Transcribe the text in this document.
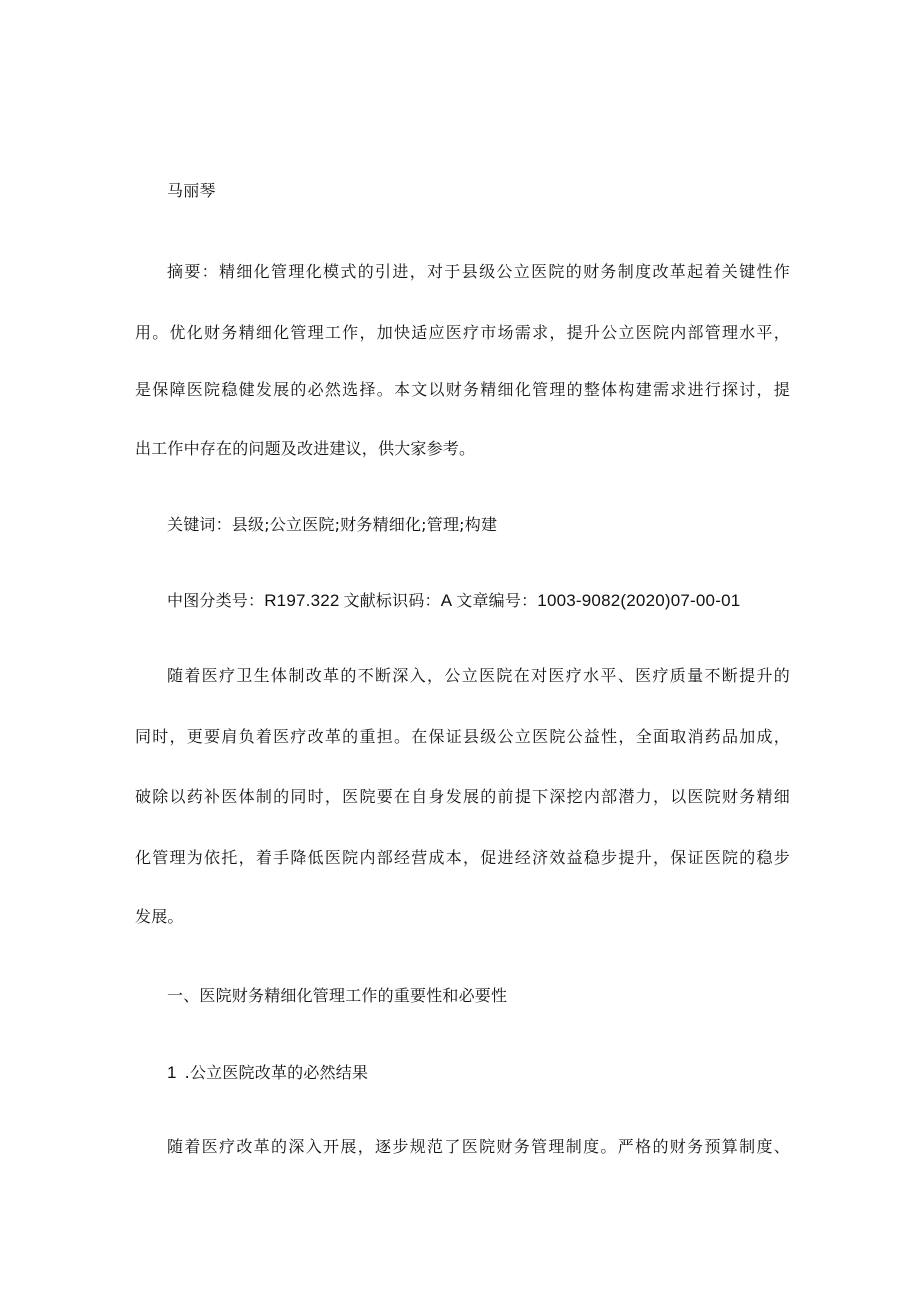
马丽琴
摘要：精细化管理化模式的引进，对于县级公立医院的财务制度改革起着关键性作
用。优化财务精细化管理工作，加快适应医疗市场需求，提升公立医院内部管理水平，
是保障医院稳健发展的必然选择。本文以财务精细化管理的整体构建需求进行探讨，提
出工作中存在的问题及改进建议，供大家参考。
关键词：县级;公立医院;财务精细化;管理;构建
中图分类号：R197.322 文献标识码：A 文章编号：1003-9082(2020)07-00-01
随着医疗卫生体制改革的不断深入，公立医院在对医疗水平、医疗质量不断提升的
同时，更要肩负着医疗改革的重担。在保证县级公立医院公益性，全面取消药品加成，
破除以药补医体制的同时，医院要在自身发展的前提下深挖内部潜力，以医院财务精细
化管理为依托，着手降低医院内部经营成本，促进经济效益稳步提升，保证医院的稳步
发展。
一、医院财务精细化管理工作的重要性和必要性
1 .公立医院改革的必然结果
随着医疗改革的深入开展，逐步规范了医院财务管理制度。严格的财务预算制度、
